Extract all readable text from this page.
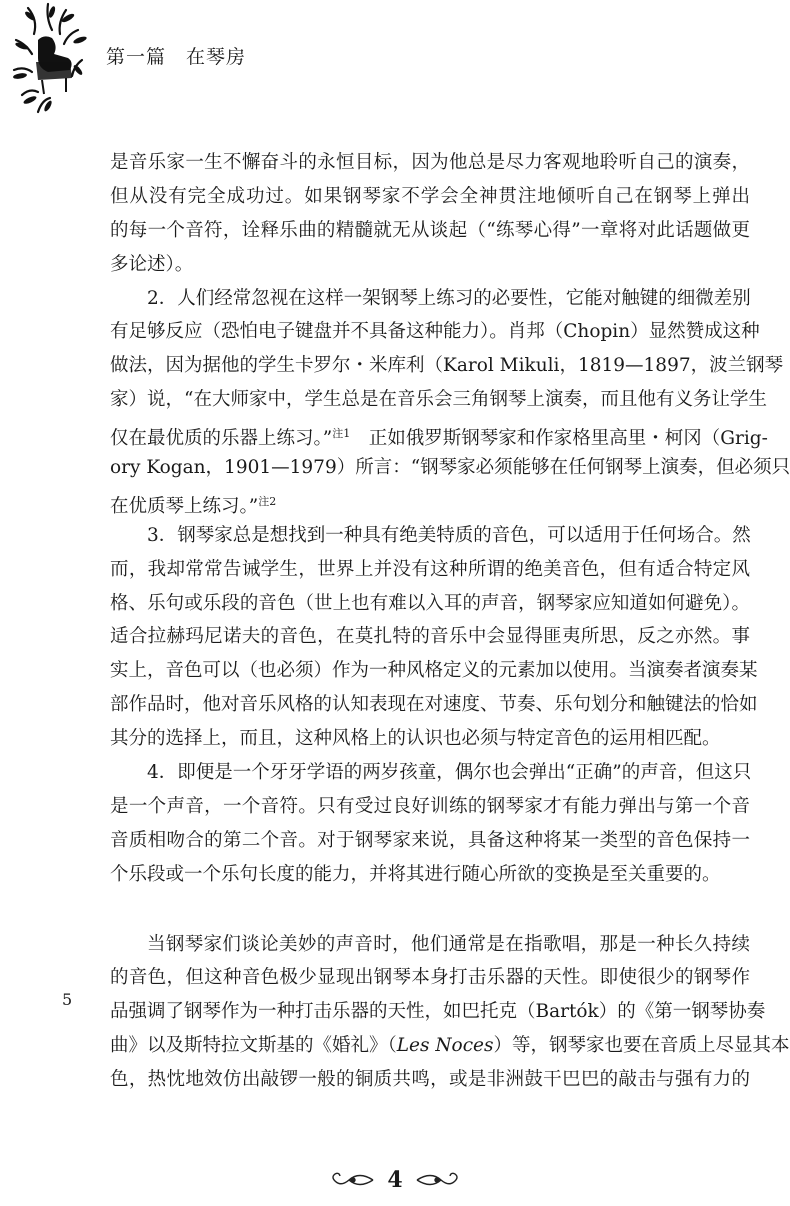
第一篇　在琴房
是音乐家一生不懈奋斗的永恒目标，因为他总是尽力客观地聆听自己的演奏，
但从没有完全成功过。如果钢琴家不学会全神贯注地倾听自己在钢琴上弹出
的每一个音符，诠释乐曲的精髓就无从谈起（“练琴心得”一章将对此话题做更
多论述）。
2．人们经常忽视在这样一架钢琴上练习的必要性，它能对触键的细微差别
有足够反应（恐怕电子键盘并不具备这种能力）。肖邦（Chopin）显然赞成这种
做法，因为据他的学生卡罗尔・米库利（Karol Mikuli，1819—1897，波兰钢琴
家）说，“在大师家中，学生总是在音乐会三角钢琴上演奏，而且他有义务让学生
仅在最优质的乐器上练习。”$^{注1}$　 正如俄罗斯钢琴家和作家格里高里・柯冈（Grig-
ory Kogan，1901—1979）所言：“钢琴家必须能够在任何钢琴上演奏，但必须只
在优质琴上练习。”$^{注2}$
3．钢琴家总是想找到一种具有绝美特质的音色，可以适用于任何场合。然
而，我却常常告诫学生，世界上并没有这种所谓的绝美音色，但有适合特定风
格、乐句或乐段的音色（世上也有难以入耳的声音，钢琴家应知道如何避免）。
适合拉赫玛尼诺夫的音色，在莫扎特的音乐中会显得匪夷所思，反之亦然。事
实上，音色可以（也必须）作为一种风格定义的元素加以使用。当演奏者演奏某
部作品时，他对音乐风格的认知表现在对速度、节奏、乐句划分和触键法的恰如
其分的选择上，而且，这种风格上的认识也必须与特定音色的运用相匹配。
4．即便是一个牙牙学语的两岁孩童，偶尔也会弹出“正确”的声音，但这只
是一个声音，一个音符。只有受过良好训练的钢琴家才有能力弹出与第一个音
音质相吻合的第二个音。对于钢琴家来说，具备这种将某一类型的音色保持一
个乐段或一个乐句长度的能力，并将其进行随心所欲的变换是至关重要的。
当钢琴家们谈论美妙的声音时，他们通常是在指歌唱，那是一种长久持续
的音色，但这种音色极少显现出钢琴本身打击乐器的天性。即使很少的钢琴作
品强调了钢琴作为一种打击乐器的天性，如巴托克（Bartók）的《第一钢琴协奏
曲》以及斯特拉文斯基的《婚礼》（Les Noces）等，钢琴家也要在音质上尽显其本
色，热忱地效仿出敲锣一般的铜质共鸣，或是非洲鼓干巴巴的敲击与强有力的
5
4
